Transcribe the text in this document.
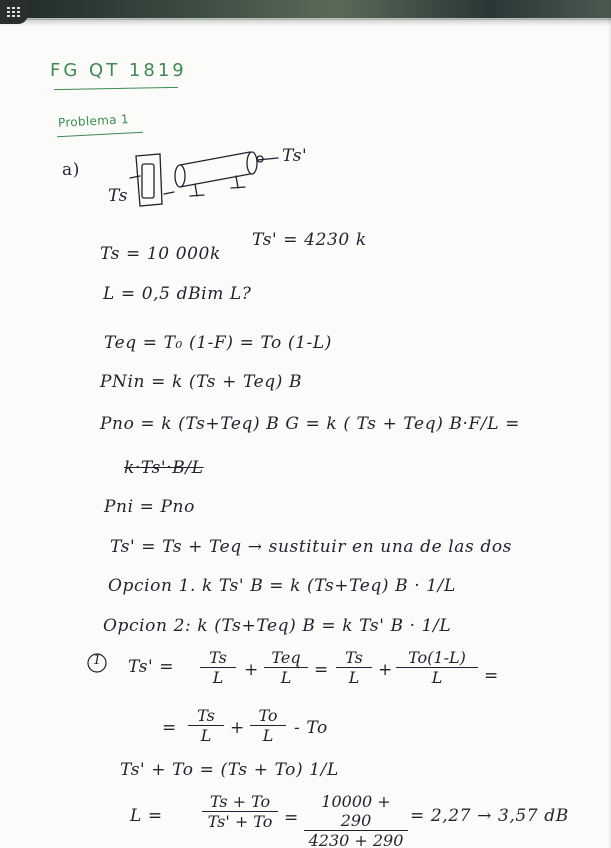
FG QT 1819
Problema 1
a)
Ts
Ts'
Ts = 10 000k
Ts' = 4230 k
L = 0,5 dBim L?
Teq = T₀ (1-F) = To (1-L)
PNin = k (Ts + Teq) B
Pno = k (Ts+Teq) B G = k ( Ts + Teq) B·F/L =
k·Ts'·B/L
Pni = Pno
Ts' = Ts + Teq → sustituir en una de las dos
Opcion 1. k Ts' B = k (Ts+Teq) B · 1/L
Opcion 2: k (Ts+Teq) B = k Ts' B · 1/L
1 $Ts' = \frac{Ts}{L}$ +
Teq
L	= $\frac{Ts}{L} + \frac{To(1-L)}{L}$ =
= $\frac{Ts}{L} + \frac{To}{L} - To$
Ts' + To = (Ts + To) 1/L
$L = \frac{Ts + To}{Ts' + To} = \frac{10000 + 290}{4230 + 290} = 2,27 \to 3,57$ dB
